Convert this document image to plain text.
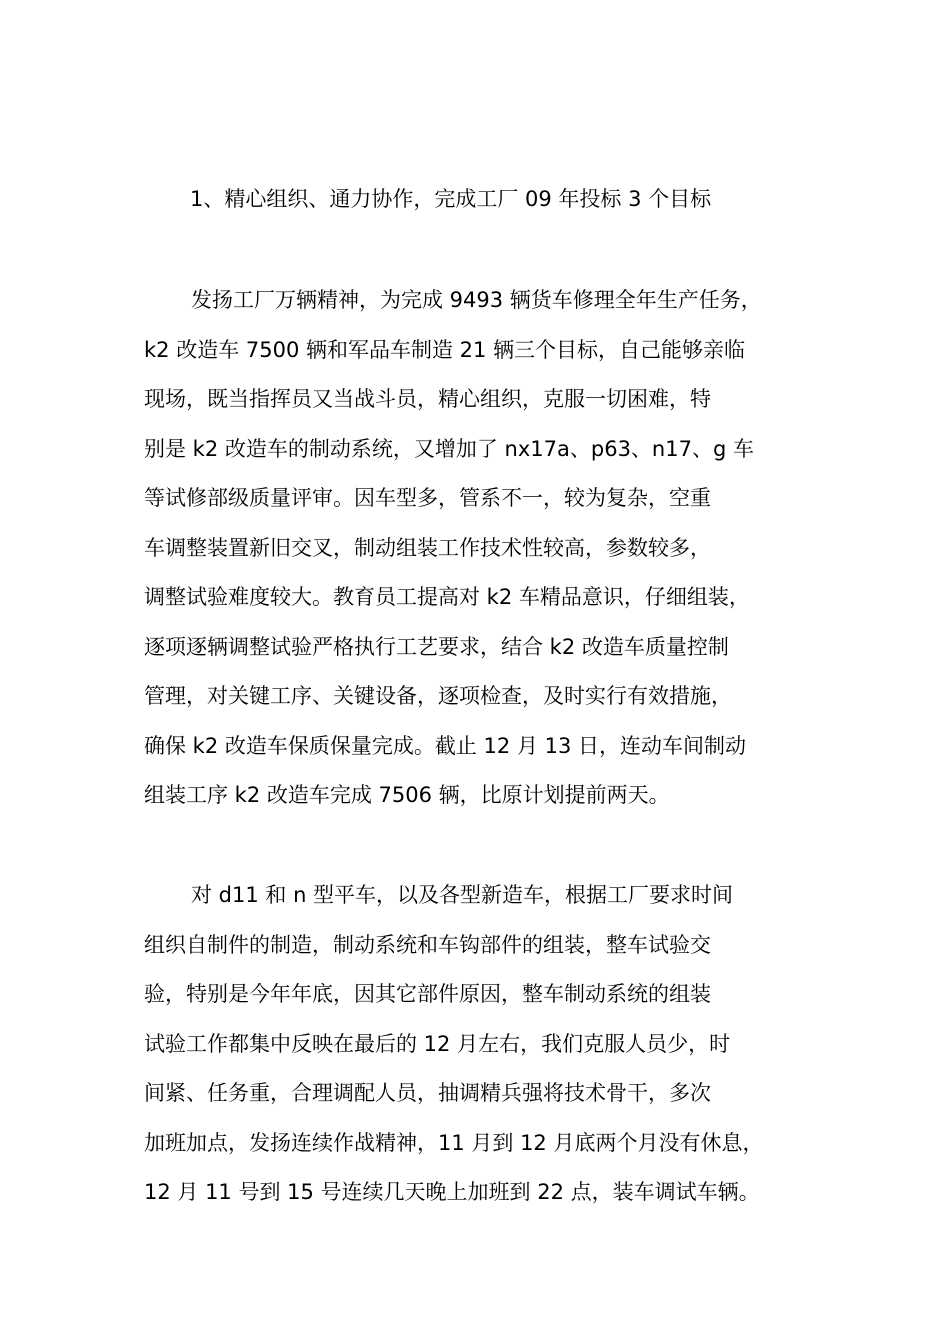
1、精心组织、通力协作，完成工厂 09 年投标 3 个目标
发扬工厂万辆精神，为完成 9493 辆货车修理全年生产任务，
k2 改造车 7500 辆和军品车制造 21 辆三个目标，自己能够亲临
现场，既当指挥员又当战斗员，精心组织，克服一切困难，特
别是 k2 改造车的制动系统，又增加了 nx17a、p63、n17、g 车
等试修部级质量评审。因车型多，管系不一，较为复杂，空重
车调整装置新旧交叉，制动组装工作技术性较高，参数较多，
调整试验难度较大。教育员工提高对 k2 车精品意识，仔细组装，
逐项逐辆调整试验严格执行工艺要求，结合 k2 改造车质量控制
管理，对关键工序、关键设备，逐项检查，及时实行有效措施，
确保 k2 改造车保质保量完成。截止 12 月 13 日，连动车间制动
组装工序 k2 改造车完成 7506 辆，比原计划提前两天。
对 d11 和 n 型平车，以及各型新造车，根据工厂要求时间
组织自制件的制造，制动系统和车钩部件的组装，整车试验交
验，特别是今年年底，因其它部件原因，整车制动系统的组装
试验工作都集中反映在最后的 12 月左右，我们克服人员少，时
间紧、任务重，合理调配人员，抽调精兵强将技术骨干，多次
加班加点，发扬连续作战精神，11 月到 12 月底两个月没有休息，
12 月 11 号到 15 号连续几天晚上加班到 22 点，装车调试车辆。
